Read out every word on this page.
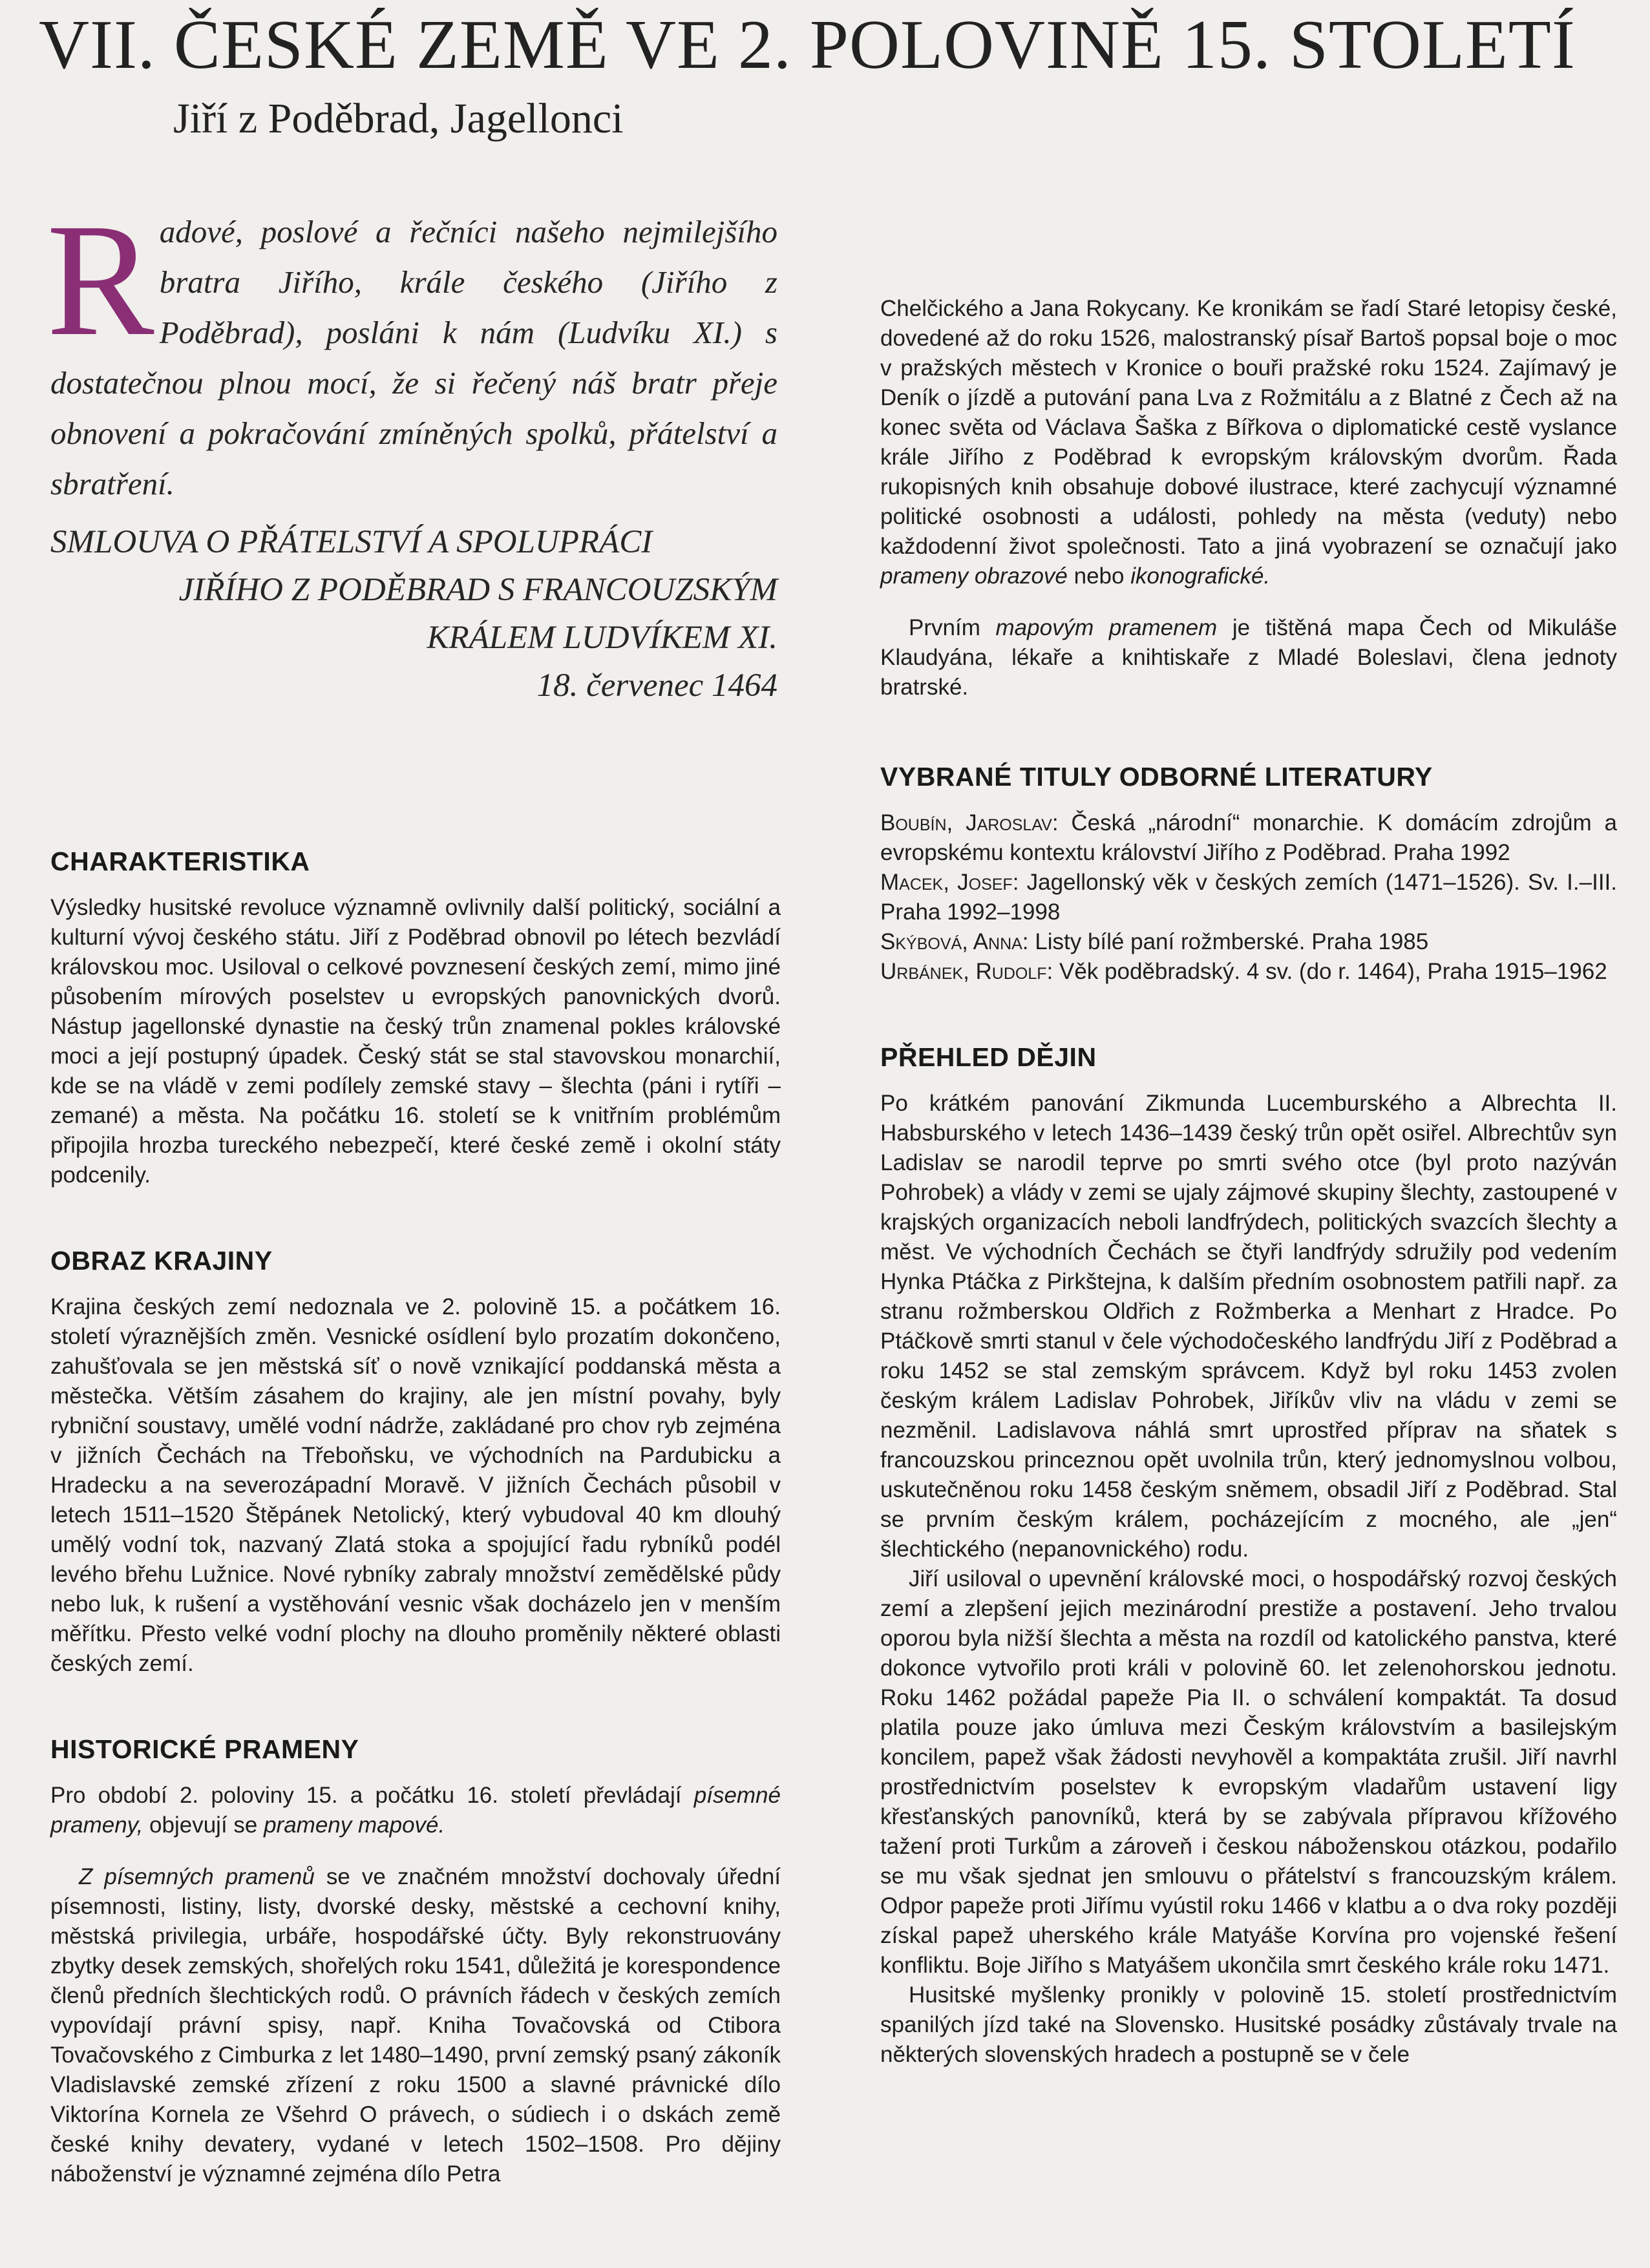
VII. ČESKÉ ZEMĚ VE 2. POLOVINĚ 15. STOLETÍ
Jiří z Poděbrad, Jagellonci
R adové, poslové a řečníci našeho nejmilejšího bratra Jiřího, krále českého (Jiřího z Poděbrad), posláni k nám (Ludvíku XI.) s dostatečnou plnou mocí, že si řečený náš bratr přeje obnovení a pokračování zmíněných spolků, přátelství a sbratření.
SMLOUVA O PŘÁTELSTVÍ A SPOLUPRÁCI
JIŘÍHO Z PODĚBRAD S FRANCOUZSKÝM KRÁLEM LUDVÍKEM XI.
18. červenec 1464
CHARAKTERISTIKA

Výsledky husitské revoluce významně ovlivnily další politický, sociální a kulturní vývoj českého státu. Jiří z Poděbrad obnovil po létech bezvládí královskou moc. Usiloval o celkové povznesení českých zemí, mimo jiné působením mírových poselstev u evropských panovnických dvorů. Nástup jagellonské dynastie na český trůn znamenal pokles královské moci a její postupný úpadek. Český stát se stal stavovskou monarchií, kde se na vládě v zemi podílely zemské stavy – šlechta (páni i rytíři – zemané) a města. Na počátku 16. století se k vnitřním problémům připojila hrozba tureckého nebezpečí, které české země i okolní státy podcenily.

OBRAZ KRAJINY

Krajina českých zemí nedoznala ve 2. polovině 15. a počátkem 16. století výraznějších změn. Vesnické osídlení bylo prozatím dokončeno, zahušťovala se jen městská síť o nově vznikající poddanská města a městečka. Větším zásahem do krajiny, ale jen místní povahy, byly rybniční soustavy, umělé vodní nádrže, zakládané pro chov ryb zejména v jižních Čechách na Třeboňsku, ve východních na Pardubicku a Hradecku a na severozápadní Moravě. V jižních Čechách působil v letech 1511–1520 Štěpánek Netolický, který vybudoval 40 km dlouhý umělý vodní tok, nazvaný Zlatá stoka a spojující řadu rybníků podél levého břehu Lužnice. Nové rybníky zabraly množství zemědělské půdy nebo luk, k rušení a vystěhování vesnic však docházelo jen v menším měřítku. Přesto velké vodní plochy na dlouho proměnily některé oblasti českých zemí.

HISTORICKÉ PRAMENY

Pro období 2. poloviny 15. a počátku 16. století převládají písemné prameny, objevují se prameny mapové.

Z písemných pramenů se ve značném množství dochovaly úřední písemnosti, listiny, listy, dvorské desky, městské a cechovní knihy, městská privilegia, urbáře, hospodářské účty. Byly rekonstruovány zbytky desek zemských, shořelých roku 1541, důležitá je korespondence členů předních šlechtických rodů. O právních řádech v českých zemích vypovídají právní spisy, např. Kniha Tovačovská od Ctibora Tovačovského z Cimburka z let 1480–1490, první zemský psaný zákoník Vladislavské zemské zřízení z roku 1500 a slavné právnické dílo Viktorína Kornela ze Všehrd O právech, o súdiech i o dskách země české knihy devatery, vydané v letech 1502–1508. Pro dějiny náboženství je významné zejména dílo Petra

Chelčického a Jana Rokycany. Ke kronikám se řadí Staré letopisy české, dovedené až do roku 1526, malostranský písař Bartoš popsal boje o moc v pražských městech v Kronice o bouři pražské roku 1524. Zajímavý je Deník o jízdě a putování pana Lva z Rožmitálu a z Blatné z Čech až na konec světa od Václava Šaška z Bířkova o diplomatické cestě vyslance krále Jiřího z Poděbrad k evropským královským dvorům. Řada rukopisných knih obsahuje dobové ilustrace, které zachycují významné politické osobnosti a události, pohledy na města (veduty) nebo každodenní život společnosti. Tato a jiná vyobrazení se označují jako prameny obrazové nebo ikonografické.

Prvním mapovým pramenem je tištěná mapa Čech od Mikuláše Klaudyána, lékaře a knihtiskaře z Mladé Boleslavi, člena jednoty bratrské.

VYBRANÉ TITULY ODBORNÉ LITERATURY

Boubín, Jaroslav: Česká „národní“ monarchie. K domácím zdrojům a evropskému kontextu království Jiřího z Poděbrad. Praha 1992

Macek, Josef: Jagellonský věk v českých zemích (1471–1526). Sv. I.–III. Praha 1992–1998

Skýbová, Anna: Listy bílé paní rožmberské. Praha 1985

Urbánek, Rudolf: Věk poděbradský. 4 sv. (do r. 1464), Praha 1915–1962

PŘEHLED DĚJIN

Po krátkém panování Zikmunda Lucemburského a Albrechta II. Habsburského v letech 1436–1439 český trůn opět osiřel. Albrechtův syn Ladislav se narodil teprve po smrti svého otce (byl proto nazýván Pohrobek) a vlády v zemi se ujaly zájmové skupiny šlechty, zastoupené v krajských organizacích neboli landfrýdech, politických svazcích šlechty a měst. Ve východních Čechách se čtyři landfrýdy sdružily pod vedením Hynka Ptáčka z Pirkštejna, k dalším předním osobnostem patřili např. za stranu rožmberskou Oldřich z Rožmberka a Menhart z Hradce. Po Ptáčkově smrti stanul v čele východočeského landfrýdu Jiří z Poděbrad a roku 1452 se stal zemským správcem. Když byl roku 1453 zvolen českým králem Ladislav Pohrobek, Jiříkův vliv na vládu v zemi se nezměnil. Ladislavova náhlá smrt uprostřed příprav na sňatek s francouzskou princeznou opět uvolnila trůn, který jednomyslnou volbou, uskutečněnou roku 1458 českým sněmem, obsadil Jiří z Poděbrad. Stal se prvním českým králem, pocházejícím z mocného, ale „jen“ šlechtického (nepanovnického) rodu.

Jiří usiloval o upevnění královské moci, o hospodářský rozvoj českých zemí a zlepšení jejich mezinárodní prestiže a postavení. Jeho trvalou oporou byla nižší šlechta a města na rozdíl od katolického panstva, které dokonce vytvořilo proti králi v polovině 60. let zelenohorskou jednotu. Roku 1462 požádal papeže Pia II. o schválení kompaktát. Ta dosud platila pouze jako úmluva mezi Českým královstvím a basilejským koncilem, papež však žádosti nevyhověl a kompaktáta zrušil. Jiří navrhl prostřednictvím poselstev k evropským vladařům ustavení ligy křesťanských panovníků, která by se zabývala přípravou křížového tažení proti Turkům a zároveň i českou náboženskou otázkou, podařilo se mu však sjednat jen smlouvu o přátelství s francouzským králem. Odpor papeže proti Jiřímu vyústil roku 1466 v klatbu a o dva roky později získal papež uherského krále Matyáše Korvína pro vojenské řešení konfliktu. Boje Jiřího s Matyášem ukončila smrt českého krále roku 1471.

Husitské myšlenky pronikly v polovině 15. století prostřednictvím spanilých jízd také na Slovensko. Husitské posádky zůstávaly trvale na některých slovenských hradech a postupně se v čele
